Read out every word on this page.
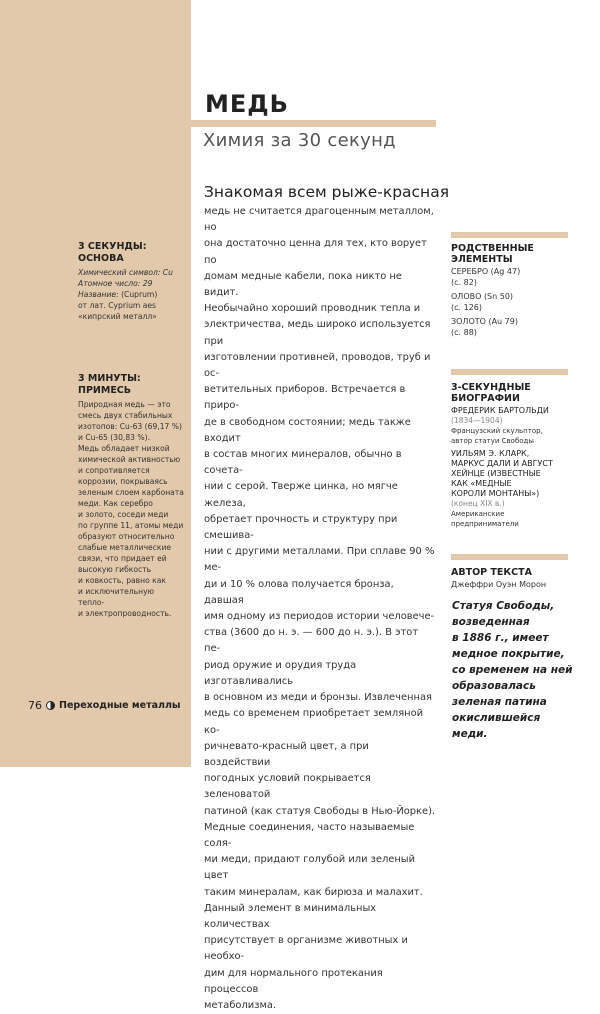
МЕДЬ
Химия за 30 секунд
3 СЕКУНДЫ:
ОСНОВА
Химический символ: Cu
Атомное число: 29
Название: (Cuprum)
от лат. Cyprium aes
«кипрский металл»
3 МИНУТЫ:
ПРИМЕСЬ
Природная медь — это
смесь двух стабильных
изотопов: Cu-63 (69,17 %)
и Cu-65 (30,83 %).
Медь обладает низкой
химической активностью
и сопротивляется
коррозии, покрываясь
зеленым слоем карбоната
меди. Как серебро
и золото, соседи меди
по группе 11, атомы меди
образуют относительно
слабые металлические
связи, что придает ей
высокую гибкость
и ковкость, равно как
и исключительную
тепло-
и электропроводность.

Знакомая всем рыже-красная

медь не считается драгоценным металлом, но
она достаточно ценна для тех, кто ворует по
домам медные кабели, пока никто не видит.
Необычайно хороший проводник тепла и
электричества, медь широко используется при
изготовлении противней, проводов, труб и ос-
ветительных приборов. Встречается в приро-
де в свободном состоянии; медь также входит
в состав многих минералов, обычно в сочета-
нии с серой. Тверже цинка, но мягче железа,
обретает прочность и структуру при смешива-
нии с другими металлами. При сплаве 90 % ме-
ди и 10 % олова получается бронза, давшая
имя одному из периодов истории человече-
ства (3600 до н. э. — 600 до н. э.). В этот пе-
риод оружие и орудия труда изготавливались
в основном из меди и бронзы. Извлеченная
медь со временем приобретает земляной ко-
ричневато-красный цвет, а при воздействии
погодных условий покрывается зеленоватой
патиной (как статуя Свободы в Нью-Йорке).
Медные соединения, часто называемые соля-
ми меди, придают голубой или зеленый цвет
таким минералам, как бирюза и малахит.
Данный элемент в минимальных количествах
присутствует в организме животных и необхо-
дим для нормального протекания процессов
метаболизма.
РОДСТВЕННЫЕ
ЭЛЕМЕНТЫ
СЕРЕБРО (Ag 47)
(с. 82)
ОЛОВО (Sn 50)
(с. 126)
ЗОЛОТО (Au 79)
(с. 88)
3-СЕКУНДНЫЕ
БИОГРАФИИ
ФРЕДЕРИК БАРТОЛЬДИ
(1834—1904)
Французский скульптор,
автор статуи Свободы
УИЛЬЯМ Э. КЛАРК,
МАРКУС ДАЛИ И АВГУСТ
ХЕЙНЦЕ (ИЗВЕСТНЫЕ
КАК «МЕДНЫЕ
КОРОЛИ МОНТАНЫ»)
(конец XIX в.)
Американские
предприниматели
АВТОР ТЕКСТА
Джеффри Оуэн Морон
Статуя Свободы,
возведенная
в 1886 г., имеет
медное покрытие,
со временем на ней
образовалась
зеленая патина
окислившейся меди.
76 Переходные металлы
